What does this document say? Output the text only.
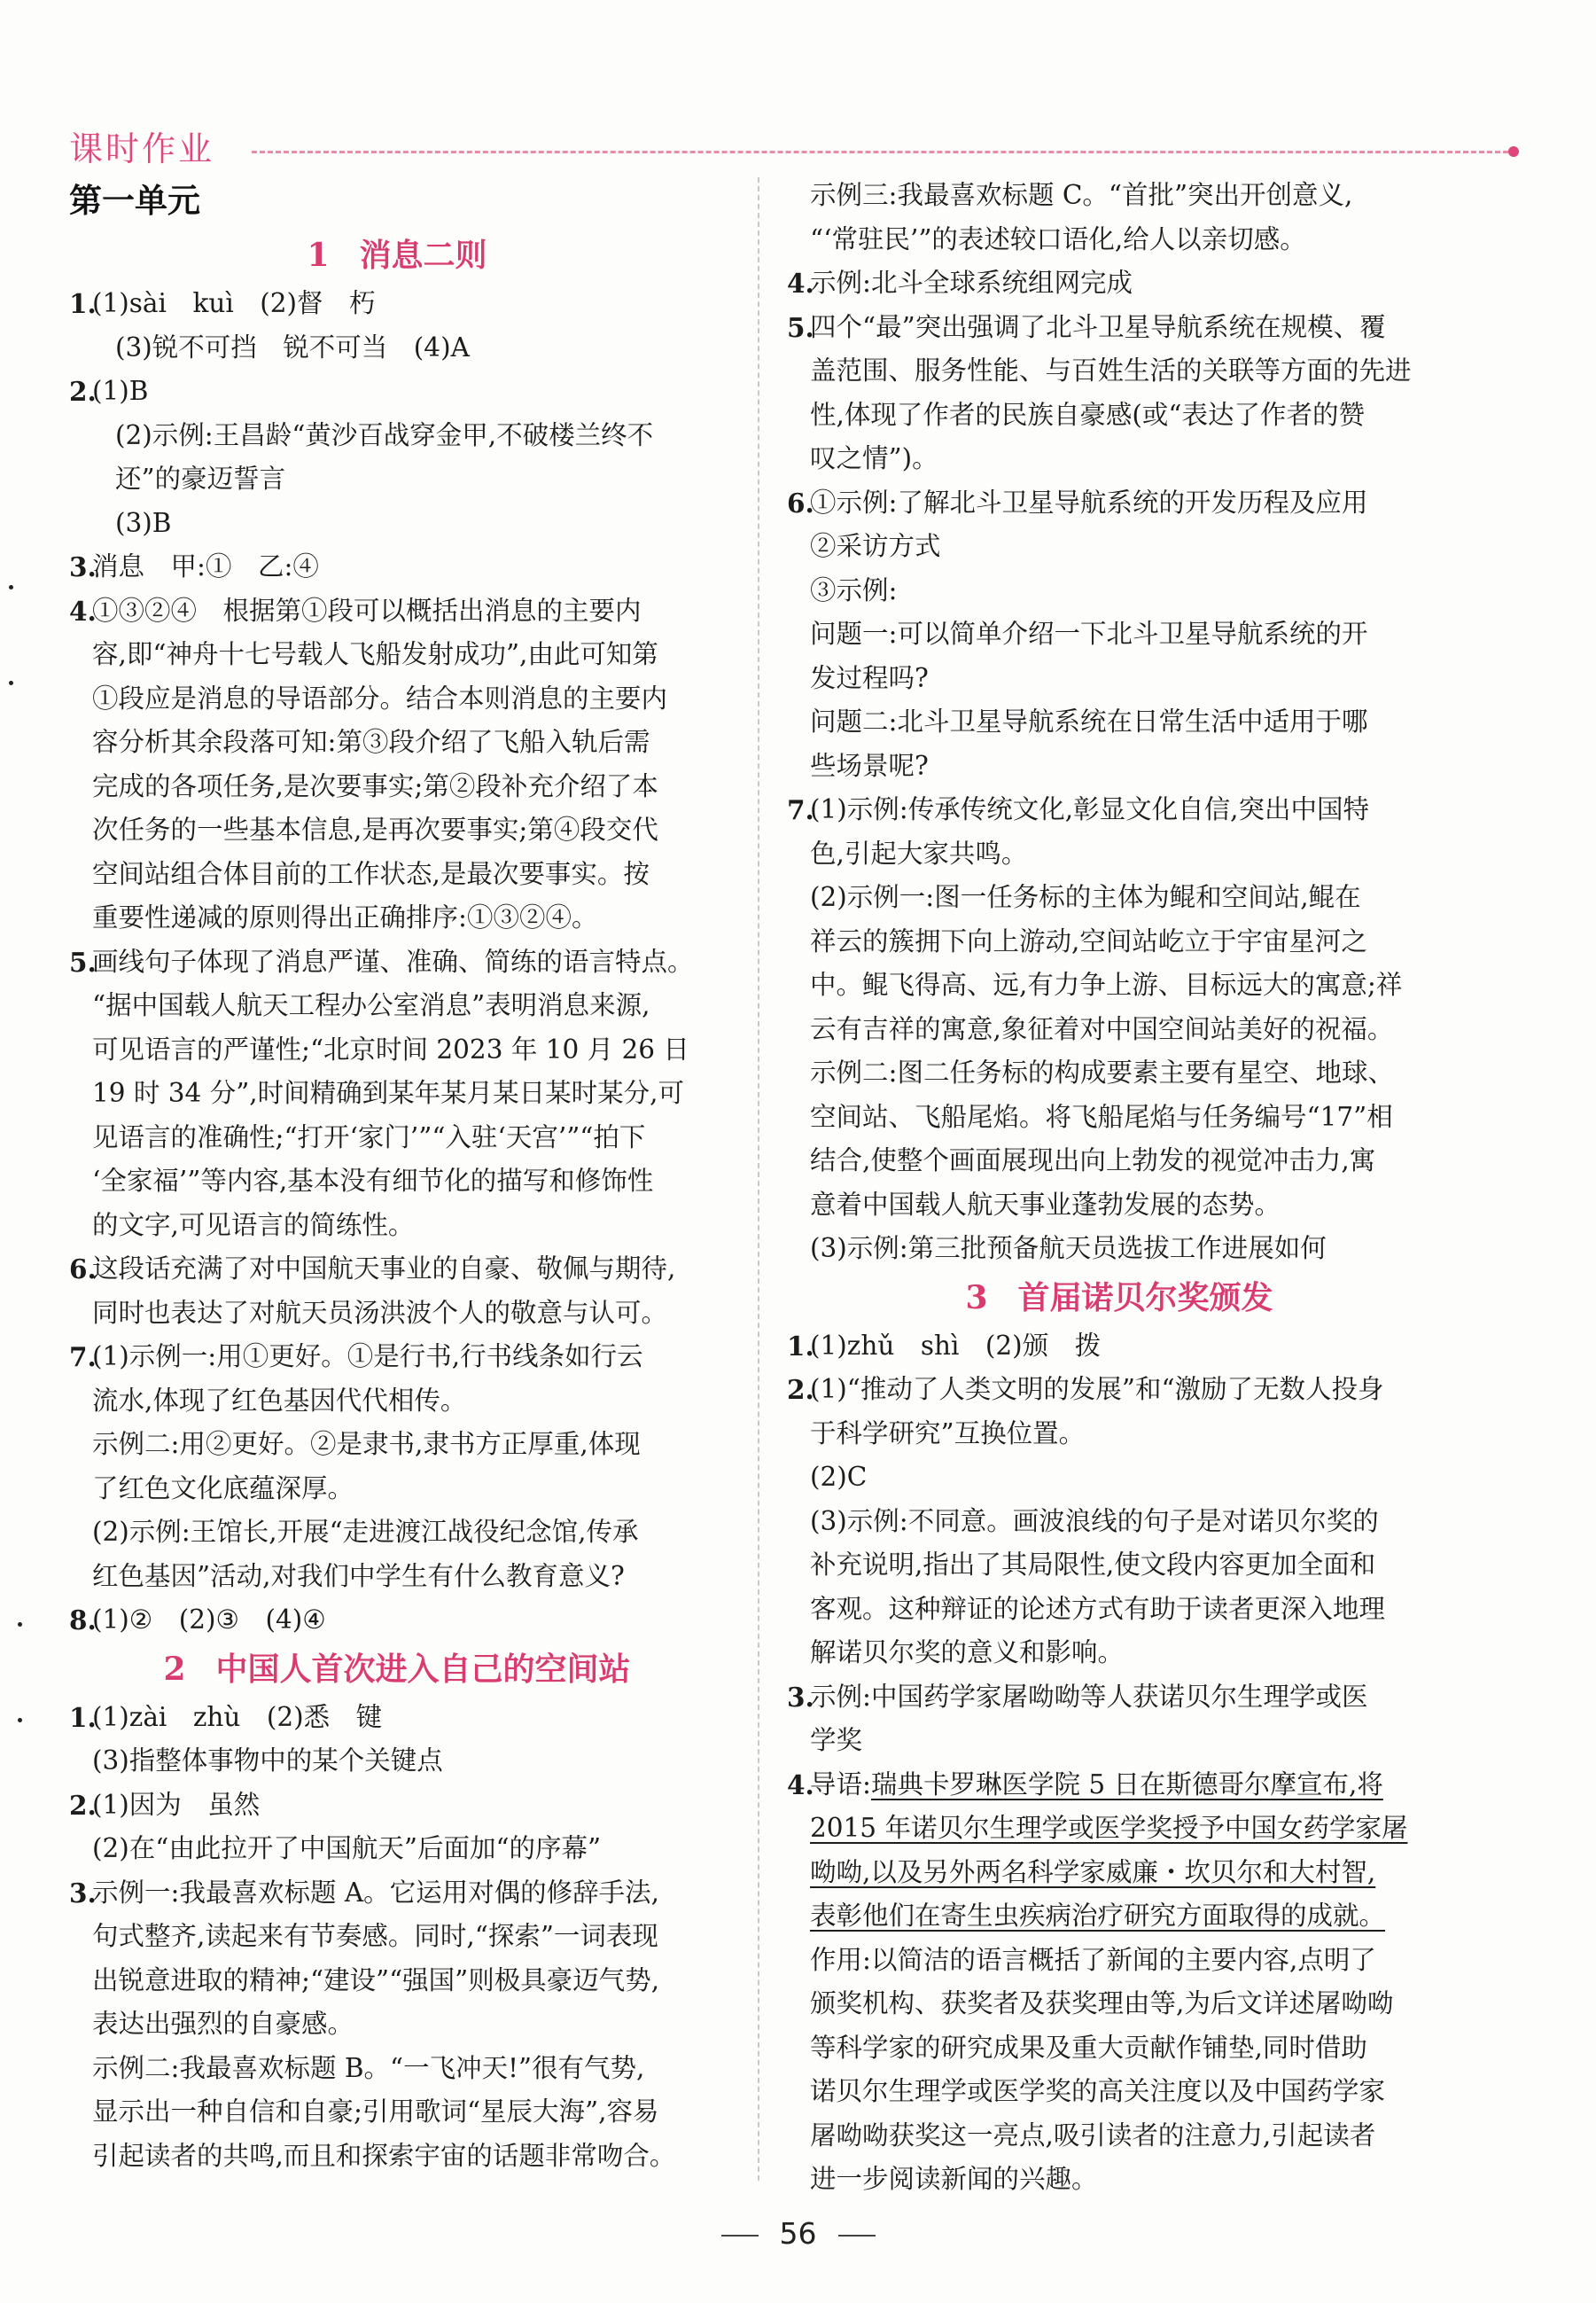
课时作业
第一单元
1 消息二则
1.
(1)sài　kuì　(2)督　朽
(3)锐不可挡　锐不可当　(4)A
2.
(1)B
(2)示例:王昌龄“黄沙百战穿金甲,不破楼兰终不
还”的豪迈誓言
(3)B
3.
消息　甲:①　乙:④
4.
①③②④　根据第①段可以概括出消息的主要内
容,即“神舟十七号载人飞船发射成功”,由此可知第
①段应是消息的导语部分。结合本则消息的主要内
容分析其余段落可知:第③段介绍了飞船入轨后需
完成的各项任务,是次要事实;第②段补充介绍了本
次任务的一些基本信息,是再次要事实;第④段交代
空间站组合体目前的工作状态,是最次要事实。按
重要性递减的原则得出正确排序:①③②④。
5.
画线句子体现了消息严谨、准确、简练的语言特点。
“据中国载人航天工程办公室消息”表明消息来源,
可见语言的严谨性;“北京时间 2023 年 10 月 26 日
19 时 34 分”,时间精确到某年某月某日某时某分,可
见语言的准确性;“打开‘家门’”“入驻‘天宫’”“拍下
‘全家福’”等内容,基本没有细节化的描写和修饰性
的文字,可见语言的简练性。
6.
这段话充满了对中国航天事业的自豪、敬佩与期待,
同时也表达了对航天员汤洪波个人的敬意与认可。
7.
(1)示例一:用①更好。①是行书,行书线条如行云
流水,体现了红色基因代代相传。
示例二:用②更好。②是隶书,隶书方正厚重,体现
了红色文化底蕴深厚。
(2)示例:王馆长,开展“走进渡江战役纪念馆,传承
红色基因”活动,对我们中学生有什么教育意义?
8.
(1)②　(2)③　(4)④
2 中国人首次进入自己的空间站
1.
(1)zài　zhù　(2)悉　键
(3)指整体事物中的某个关键点
2.
(1)因为　虽然
(2)在“由此拉开了中国航天”后面加“的序幕”
3.
示例一:我最喜欢标题 A。它运用对偶的修辞手法,
句式整齐,读起来有节奏感。同时,“探索”一词表现
出锐意进取的精神;“建设”“强国”则极具豪迈气势,
表达出强烈的自豪感。
示例二:我最喜欢标题 B。“一飞冲天!”很有气势,
显示出一种自信和自豪;引用歌词“星辰大海”,容易
引起读者的共鸣,而且和探索宇宙的话题非常吻合。
示例三:我最喜欢标题 C。“首批”突出开创意义,
“‘常驻民’”的表述较口语化,给人以亲切感。
4.
示例:北斗全球系统组网完成
5.
四个“最”突出强调了北斗卫星导航系统在规模、覆
盖范围、服务性能、与百姓生活的关联等方面的先进
性,体现了作者的民族自豪感(或“表达了作者的赞
叹之情”)。
6.
①示例:了解北斗卫星导航系统的开发历程及应用
②采访方式
③示例:
问题一:可以简单介绍一下北斗卫星导航系统的开
发过程吗?
问题二:北斗卫星导航系统在日常生活中适用于哪
些场景呢?
7.
(1)示例:传承传统文化,彰显文化自信,突出中国特
色,引起大家共鸣。
(2)示例一:图一任务标的主体为鲲和空间站,鲲在
祥云的簇拥下向上游动,空间站屹立于宇宙星河之
中。鲲飞得高、远,有力争上游、目标远大的寓意;祥
云有吉祥的寓意,象征着对中国空间站美好的祝福。
示例二:图二任务标的构成要素主要有星空、地球、
空间站、飞船尾焰。将飞船尾焰与任务编号“17”相
结合,使整个画面展现出向上勃发的视觉冲击力,寓
意着中国载人航天事业蓬勃发展的态势。
(3)示例:第三批预备航天员选拔工作进展如何
3 首届诺贝尔奖颁发
1.
(1)zhǔ　shì　(2)颁　拨
2.
(1)“推动了人类文明的发展”和“激励了无数人投身
于科学研究”互换位置。
(2)C
(3)示例:不同意。画波浪线的句子是对诺贝尔奖的
补充说明,指出了其局限性,使文段内容更加全面和
客观。这种辩证的论述方式有助于读者更深入地理
解诺贝尔奖的意义和影响。
3.
示例:中国药学家屠呦呦等人获诺贝尔生理学或医
学奖
4.
导语:瑞典卡罗琳医学院 5 日在斯德哥尔摩宣布,将
2015 年诺贝尔生理学或医学奖授予中国女药学家屠
呦呦,以及另外两名科学家威廉・坎贝尔和大村智,
表彰他们在寄生虫疾病治疗研究方面取得的成就。
作用:以简洁的语言概括了新闻的主要内容,点明了
颁奖机构、获奖者及获奖理由等,为后文详述屠呦呦
等科学家的研究成果及重大贡献作铺垫,同时借助
诺贝尔生理学或医学奖的高关注度以及中国药学家
屠呦呦获奖这一亮点,吸引读者的注意力,引起读者
进一步阅读新闻的兴趣。
56
